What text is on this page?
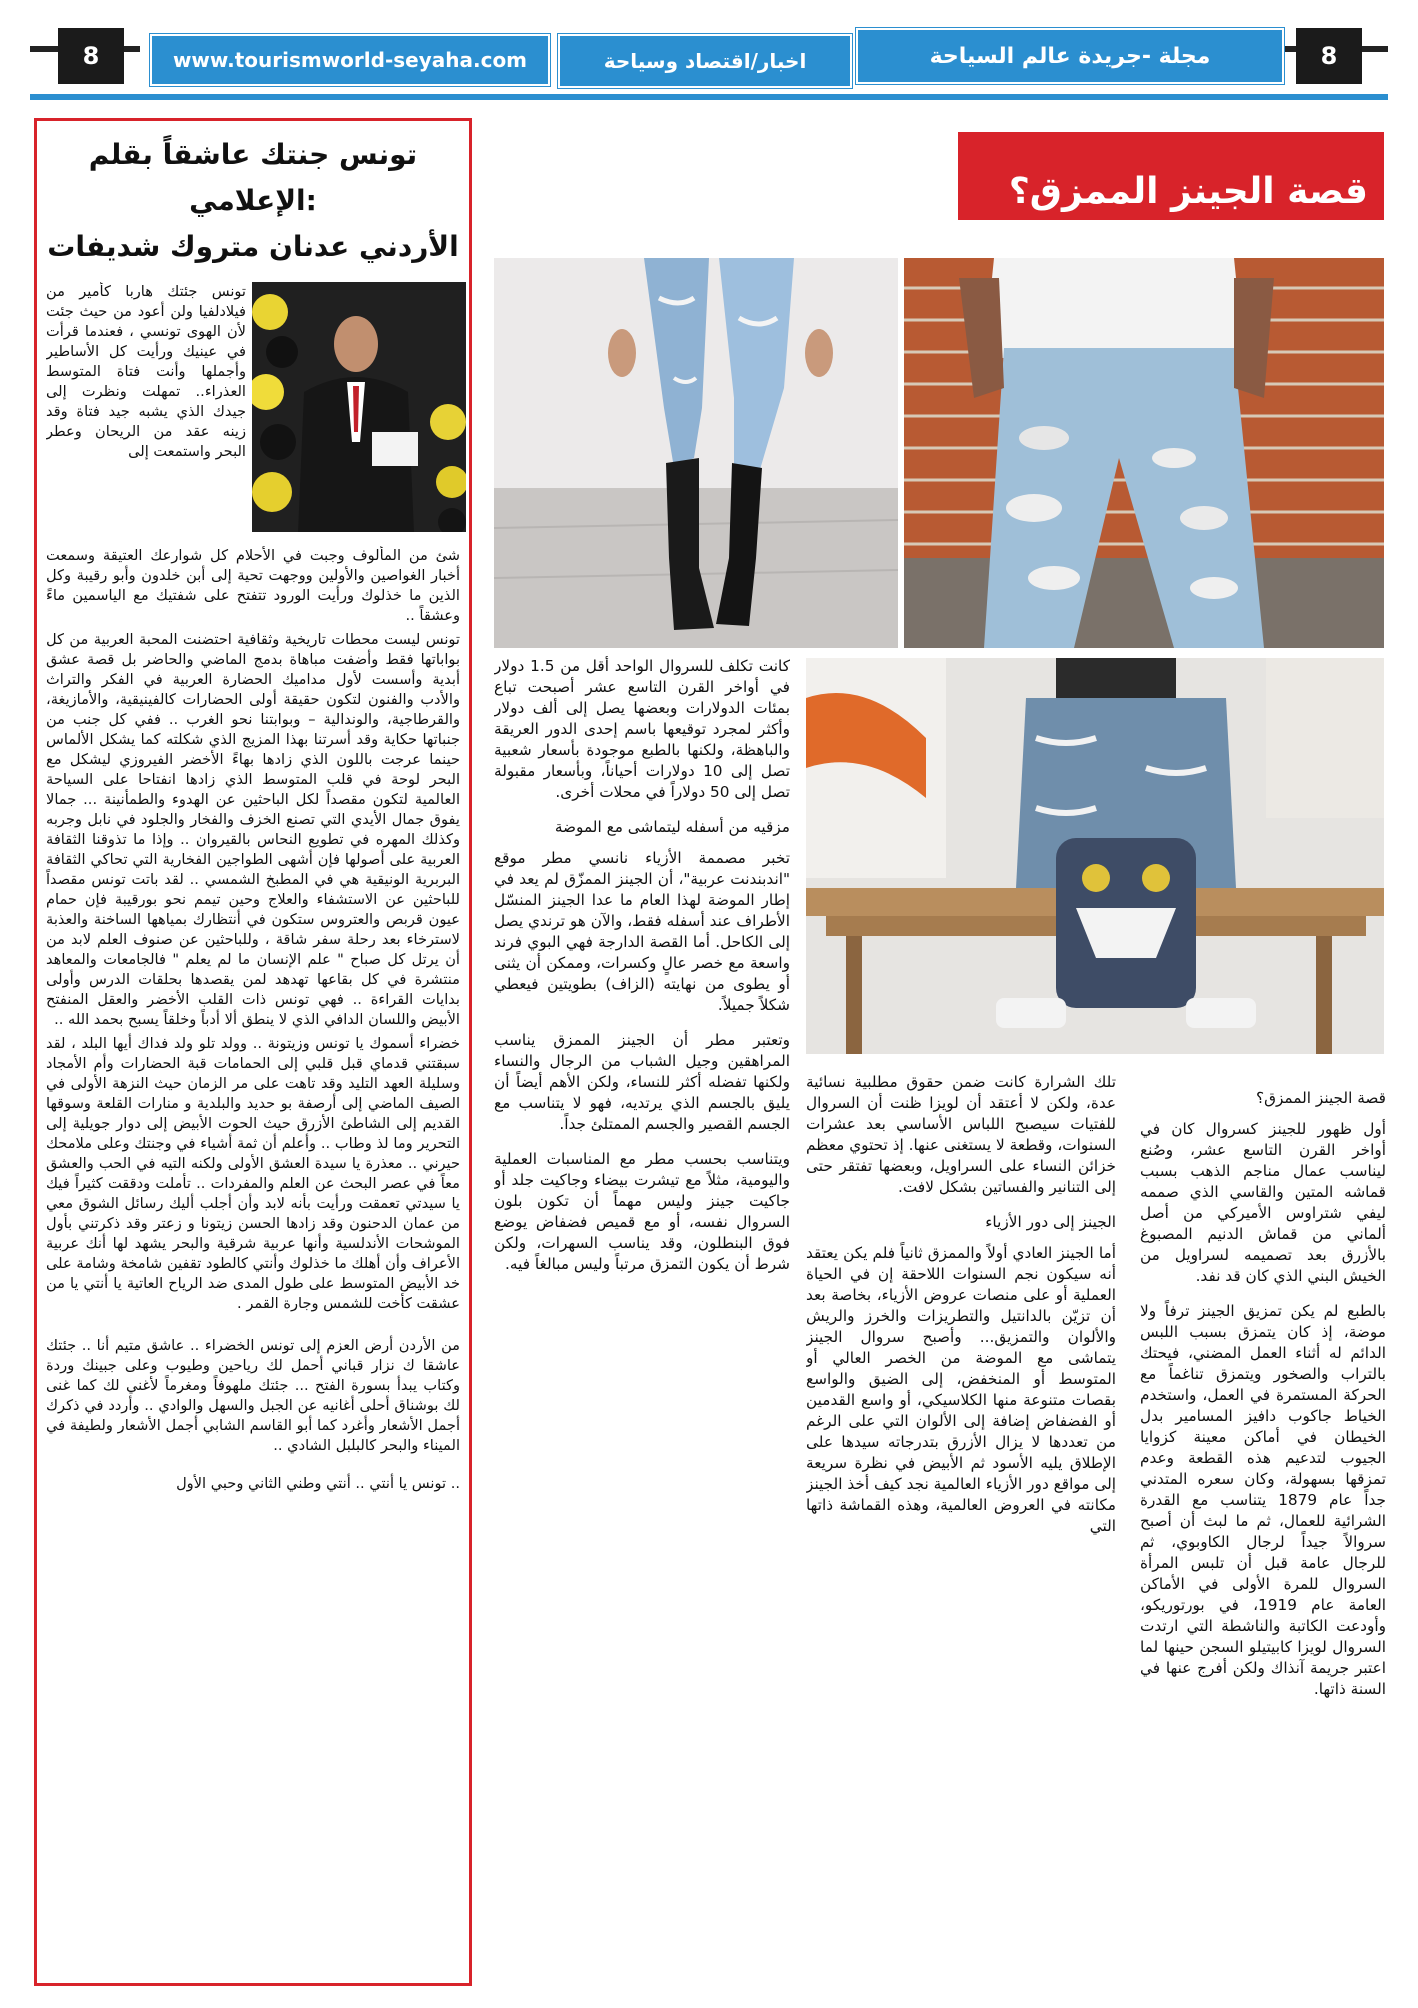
8	8
www.tourismworld-seyaha.com	اخبار/اقتصاد وسياحة	مجلة -جريدة عالم السياحة
قصة الجينز الممزق؟

قصة الجينز الممزق؟

أول ظهور للجينز كسروال كان في أواخر القرن التاسع عشر، وصُنع ليناسب عمال مناجم الذهب بسبب قماشه المتين والقاسي الذي صممه ليفي شتراوس الأميركي من أصل ألماني من قماش الدنيم المصبوغ بالأزرق بعد تصميمه لسراويل من الخيش البني الذي كان قد نفد.

بالطبع لم يكن تمزيق الجينز ترفاً ولا موضة، إذ كان يتمزق بسبب اللبس الدائم له أثناء العمل المضني، فيحتك بالتراب والصخور ويتمزق تناغماً مع الحركة المستمرة في العمل، واستخدم الخياط جاكوب دافيز المسامير بدل الخيطان في أماكن معينة كزوايا الجيوب لتدعيم هذه القطعة وعدم تمزقها بسهولة، وكان سعره المتدني جداً عام 1879 يتناسب مع القدرة الشرائية للعمال، ثم ما لبث أن أصبح سروالاً جيداً لرجال الكاوبوي، ثم للرجال عامة قبل أن تلبس المرأة السروال للمرة الأولى في الأماكن العامة عام 1919، في بورتوريكو، وأودعت الكاتبة والناشطة التي ارتدت السروال لويزا كابيتيلو السجن حينها لما اعتبر جريمة آنذاك ولكن أفرج عنها في السنة ذاتها.

تلك الشرارة كانت ضمن حقوق مطلبية نسائية عدة، ولكن لا أعتقد أن لويزا ظنت أن السروال للفتيات سيصبح اللباس الأساسي بعد عشرات السنوات، وقطعة لا يستغنى عنها. إذ تحتوي معظم خزائن النساء على السراويل، وبعضها تفتقر حتى إلى التنانير والفساتين بشكل لافت.

الجينز إلى دور الأزياء

أما الجينز العادي أولاً والممزق ثانياً فلم يكن يعتقد أنه سيكون نجم السنوات اللاحقة إن في الحياة العملية أو على منصات عروض الأزياء، بخاصة بعد أن تزيّن بالدانتيل والتطريزات والخرز والريش والألوان والتمزيق... وأصبح سروال الجينز يتماشى مع الموضة من الخصر العالي أو المتوسط أو المنخفض، إلى الضيق والواسع بقصات متنوعة منها الكلاسيكي، أو واسع القدمين أو الفضفاض إضافة إلى الألوان التي على الرغم من تعددها لا يزال الأزرق بتدرجاته سيدها على الإطلاق يليه الأسود ثم الأبيض في نظرة سريعة إلى مواقع دور الأزياء العالمية نجد كيف أخذ الجينز مكانته في العروض العالمية، وهذه القماشة ذاتها التي

كانت تكلف للسروال الواحد أقل من 1.5 دولار في أواخر القرن التاسع عشر أصبحت تباع بمئات الدولارات وبعضها يصل إلى ألف دولار وأكثر لمجرد توقيعها باسم إحدى الدور العريقة والباهظة، ولكنها بالطبع موجودة بأسعار شعبية تصل إلى 10 دولارات أحياناً، وبأسعار مقبولة تصل إلى 50 دولاراً في محلات أخرى.

مزقيه من أسفله ليتماشى مع الموضة

تخبر مصممة الأزياء نانسي مطر موقع "اندبندنت عربية"، أن الجينز الممزّق لم يعد في إطار الموضة لهذا العام ما عدا الجينز المنسّل الأطراف عند أسفله فقط، والآن هو ترندي يصل إلى الكاحل. أما القصة الدارجة فهي البوي فرند واسعة مع خصر عالٍ وكسرات، وممكن أن يثنى أو يطوى من نهايته (الزاف) بطويتين فيعطي شكلاً جميلاً.

وتعتبر مطر أن الجينز الممزق يناسب المراهقين وجيل الشباب من الرجال والنساء ولكنها تفضله أكثر للنساء، ولكن الأهم أيضاً أن يليق بالجسم الذي يرتديه، فهو لا يتناسب مع الجسم القصير والجسم الممتلئ جداً.

ويتناسب بحسب مطر مع المناسبات العملية واليومية، مثلاً مع تيشرت بيضاء وجاكيت جلد أو جاكيت جينز وليس مهماً أن تكون بلون السروال نفسه، أو مع قميص فضفاض يوضع فوق البنطلون، وقد يناسب السهرات، ولكن شرط أن يكون التمزق مرتباً وليس مبالغاً فيه.

تونس جنتك عاشقاً بقلم :الإعلامي
الأردني عدنان متروك شديفات
تونس جئتك هاربا كأمير من فيلادلفيا ولن أعود من حيث جئت لأن الهوى تونسي ، فعندما قرأت في عينيك ورأيت كل الأساطير وأجملها وأنت فتاة المتوسط العذراء.. تمهلت ونظرت إلى جيدك الذي يشبه جيد فتاة وقد زينه عقد من الريحان وعطر البحر واستمعت إلى

شئ من المألوف وجبت في الأحلام كل شوارعك العتيقة وسمعت أخبار الغواصين والأولين ووجهت تحية إلى أبن خلدون وأبو رقيبة وكل الذين ما خذلوك ورأيت الورود تتفتح على شفتيك مع الياسمين ماءً وعشقاً ..

تونس ليست محطات تاريخية وثقافية احتضنت المحبة العربية من كل بواباتها فقط وأضفت مباهاة بدمج الماضي والحاضر بل قصة عشق أبدية وأسست لأول مداميك الحضارة العربية في الفكر والتراث والأدب والفنون لتكون حقيقة أولى الحضارات كالفينيقية، والأمازيغة، والقرطاجية، والوندالية – وبوابتنا نحو الغرب .. ففي كل جنب من جنباتها حكاية وقد أسرتنا بهذا المزيج الذي شكلته كما يشكل الألماس حينما عرجت باللون الذي زادها بهاءً الأخضر الفيروزي ليشكل مع البحر لوحة في قلب المتوسط الذي زادها انفتاحا على السياحة العالمية لتكون مقصداً لكل الباحثين عن الهدوء والطمأنينة ... جمالا يفوق جمال الأيدي التي تصنع الخزف والفخار والجلود في نابل وجربه وكذلك المهره في تطويع النحاس بالقيروان .. وإذا ما تذوقنا الثقافة العربية على أصولها فإن أشهى الطواجين الفخارية التي تحاكي الثقافة البربرية الونيقية هي في المطبخ الشمسي .. لقد باتت تونس مقصداً للباحثين عن الاستشفاء والعلاج وحين تيمم نحو بورقيبة فإن حمام عيون قربص والعتروس ستكون في أنتظارك بمياهها الساخنة والعذبة لاسترخاء بعد رحلة سفر شاقة ، وللباحثين عن صنوف العلم لابد من أن يرتل كل صباح " علم الإنسان ما لم يعلم " فالجامعات والمعاهد منتشرة في كل بقاعها تهدهد لمن يقصدها بحلقات الدرس وأولى بدايات القراءة .. فهي تونس ذات القلب الأخضر والعقل المنفتح الأبيض واللسان الدافي الذي لا ينطق ألا أدباً وخلقاً يسبح بحمد الله ..

خضراء أسموك يا تونس وزيتونة .. وولد تلو ولد فداك أيها البلد ، لقد سبقتني قدماي قبل قلبي إلى الحمامات قبة الحضارات وأم الأمجاد وسليلة العهد التليد وقد تاهت على مر الزمان حيث النزهة الأولى في الصيف الماضي إلى أرصفة بو حديد والبلدية و منارات القلعة وسوقها القديم إلى الشاطئ الأزرق حيث الحوت الأبيض إلى دوار جويلية إلى التحرير وما لذ وطاب .. وأعلم أن ثمة أشياء في وجنتك وعلى ملامحك حيرني .. معذرة يا سيدة العشق الأولى ولكنه التيه في الحب والعشق معاً في عصر البحث عن العلم والمفردات .. تأملت ودققت كثيراً فيك يا سيدتي تعمقت ورأيت بأنه لابد وأن أجلب أليك رسائل الشوق معي من عمان الدحنون وقد زادها الحسن زيتونا و زعتر وقد ذكرتني بأول الموشحات الأندلسية وأنها عربية شرقية والبحر يشهد لها أنك عربية الأعراف وأن أهلك ما خذلوك وأنتي كالطود تقفين شامخة وشامة على خد الأبيض المتوسط على طول المدى ضد الرياح العاتية يا أنتي يا من عشقت كأخت للشمس وجارة القمر .

من الأردن أرض العزم إلى تونس الخضراء .. عاشق متيم أنا .. جئتك عاشقا ك نزار قباني أحمل لك رياحين وطيوب وعلى جبينك وردة وكتاب يبدأ بسورة الفتح ... جئتك ملهوفاً ومغرماً لأغني لك كما غنى لك بوشناق أحلى أغانيه عن الجبل والسهل والوادي .. وأردد في ذكرك أجمل الأشعار وأغرد كما أبو القاسم الشابي أجمل الأشعار ولطيفة في الميناء والبحر كالبلبل الشادي ..

.. تونس يا أنتي .. أنتي وطني الثاني وحبي الأول
